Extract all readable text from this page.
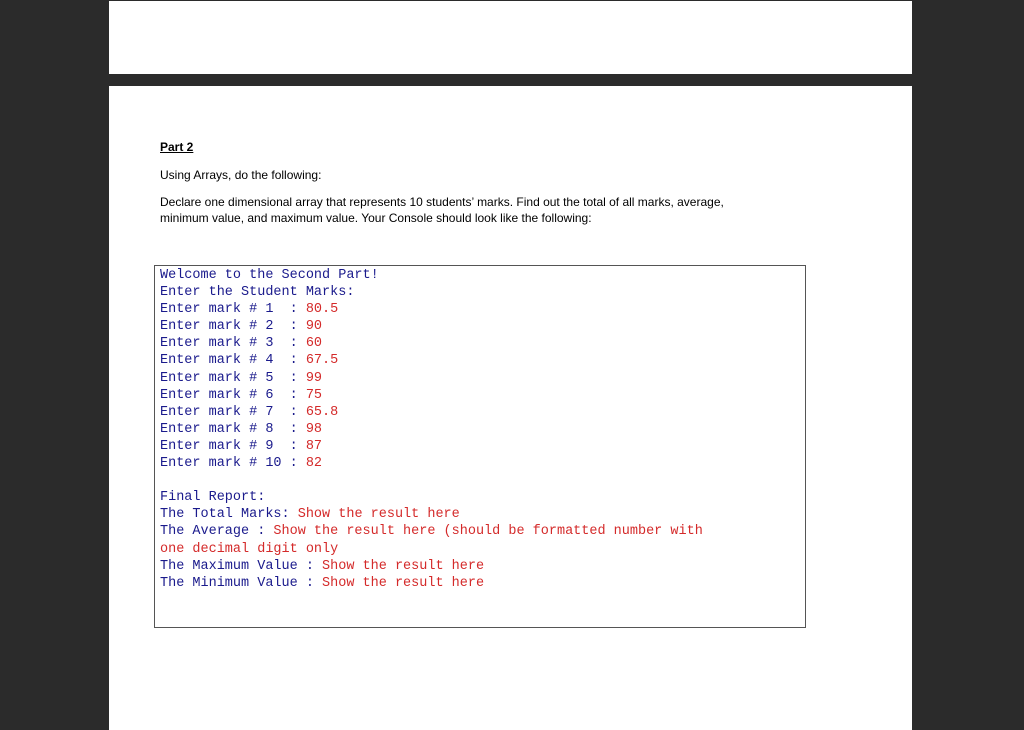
Part 2
Using Arrays, do the following:
Declare one dimensional array that represents 10 students’ marks. Find out the total of all marks, average,
minimum value, and maximum value. Your Console should look like the following:
Welcome to the Second Part!
Enter the Student Marks:
Enter mark # 1  : 80.5
Enter mark # 2  : 90
Enter mark # 3  : 60
Enter mark # 4  : 67.5
Enter mark # 5  : 99
Enter mark # 6  : 75
Enter mark # 7  : 65.8
Enter mark # 8  : 98
Enter mark # 9  : 87
Enter mark # 10 : 82
Final Report:
The Total Marks: Show the result here
The Average : Show the result here (should be formatted number with
one decimal digit only
The Maximum Value : Show the result here
The Minimum Value : Show the result here
